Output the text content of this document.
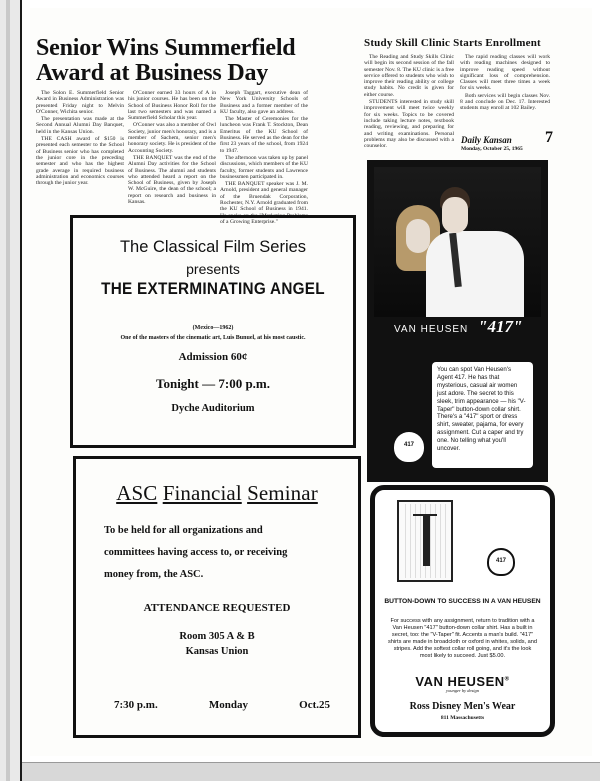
Senior Wins Summerfield Award at Business Day

The Solon E. Summerfield Senior Award in Business Administration was presented Friday night to Melvin O'Conner, Wichita senior.

The presentation was made at the Second Annual Alumni Day Banquet, held in the Kansas Union.

THE CASH award of $150 is presented each semester to the School of Business senior who has completed the junior core in the preceding semester and who has the highest grade average in required business administration and economics courses through the junior year.

O'Conner earned 33 hours of A in his junior courses. He has been on the School of Business Honor Roll for the last two semesters and was named a Summerfield Scholar this year.

O'Conner was also a member of Owl Society, junior men's honorary, and is a member of Sachem, senior men's honorary society. He is president of the Accounting Society.

THE BANQUET was the end of the Alumni Day activities for the School of Business. The alumni and students who attended heard a report on the School of Business, given by Joseph W. McGuire, the dean of the school; a report on research and business in Kansas.

Joseph Taggart, executive dean of New York University Schools of Business and a former member of the KU faculty, also gave an address.

The Master of Ceremonies for the luncheon was Frank T. Stockton, Dean Emeritus of the KU School of Business. He served as the dean for the first 23 years of the school, from 1924 to 1947.

The afternoon was taken up by panel discussions, which members of the KU faculty, former students and Lawrence businessmen participated in.

THE BANQUET speaker was J. M. Arnold, president and general manager of the Bruendak Corporation, Rochester, N.Y. Arnold graduated from the KU School of Business in 1941. He spoke on the "Marketing Problems of a Growing Enterprise."

Study Skill Clinic Starts Enrollment

The Reading and Study Skills Clinic will begin its second session of the fall semester Nov. 8. The KU clinic is a free service offered to students who wish to improve their reading ability or college study habits. No credit is given for either course.

STUDENTS interested in study skill improvement will meet twice weekly for six weeks. Topics to be covered include taking lecture notes, textbook reading, reviewing, and preparing for and writing examinations. Personal problems may also be discussed with a counselor.

The rapid reading classes will work with reading machines designed to improve reading speed without significant loss of comprehension. Classes will meet three times a week for six weeks.

Both services will begin classes Nov. 8 and conclude on Dec. 17. Interested students may enroll at 102 Bailey.

Daily Kansan 7
Monday, October 25, 1965
The Classical Film Series
presents
THE EXTERMINATING ANGEL
(Mexico—1962)
One of the masters of the cinematic art, Luis Bunuel, at his most caustic.
Admission 60¢
Tonight — 7:00 p.m.
Dyche Auditorium
ASC Financial Seminar
To be held for all organizations and
committees having access to, or receiving
money from, the ASC.
ATTENDANCE REQUESTED
Room 305 A & B
Kansas Union
7:30 p.m.	Monday	Oct.25
VAN HEUSEN "417"
You can spot Van Heusen's Agent 417. He has that mysterious, casual air women just adore. The secret to this sleek, trim appearance — his "V-Taper" button-down collar shirt. There's a "417" sport or dress shirt, sweater, pajama, for every assignment. Cut a caper and try one. No telling what you'll uncover.
417
417
BUTTON-DOWN TO SUCCESS IN A VAN HEUSEN
For success with any assignment, return to tradition with a Van Heusen "417" button-down collar shirt. Has a built in secret, too: the "V-Taper" fit. Accents a man's build. "417" shirts are made in broadcloth or oxford in whites, solids, and stripes. Add the softest collar roll going, and it's the look most likely to succeed. Just $5.00.
VAN HEUSEN®
younger by design
Ross Disney Men's Wear
811 Massachusetts
